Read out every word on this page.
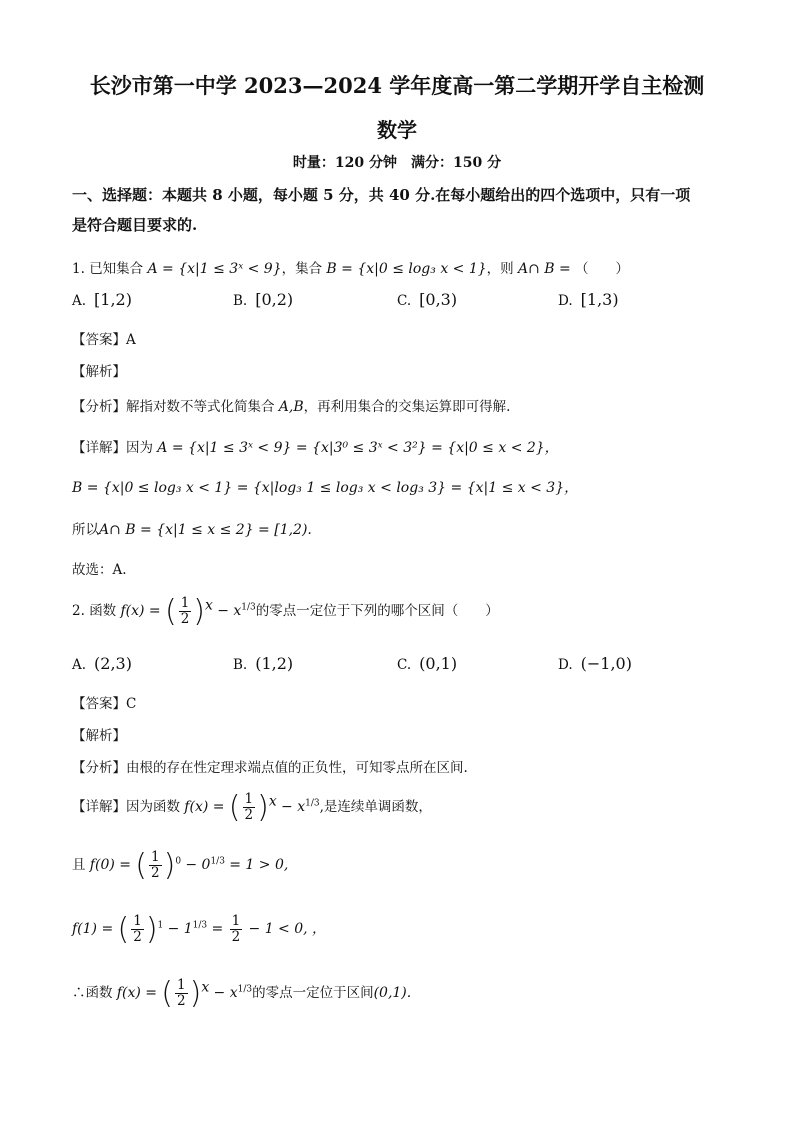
长沙市第一中学 2023—2024 学年度高一第二学期开学自主检测
数学
时量：120 分钟　满分：150 分
一、选择题：本题共 8 小题，每小题 5 分，共 40 分.在每小题给出的四个选项中，只有一项
是符合题目要求的.
1. 已知集合 A = {x|1 ≤ 3ˣ < 9}，集合 B = {x|0 ≤ log₃ x < 1}，则 A∩ B = （　　）
A. [1,2)	B. [0,2)	C. [0,3)	D. [1,3)
【答案】A
【解析】
【分析】解指对数不等式化简集合 A,B，再利用集合的交集运算即可得解.
【详解】因为 A = {x|1 ≤ 3ˣ < 9} = {x|3⁰ ≤ 3ˣ < 3²} = {x|0 ≤ x < 2}，
B = {x|0 ≤ log₃ x < 1} = {x|log₃ 1 ≤ log₃ x < log₃ 3} = {x|1 ≤ x < 3}，
所以A∩ B = {x|1 ≤ x ≤ 2} = [1,2).
故选：A.
2. 函数 f(x) = ( $\frac{1}{2} )^x - x^{1/3}$的零点一定位于下列的哪个区间（　　）
A. (2,3)	B. (1,2)	C. (0,1)	D. (−1,0)
【答案】C
【解析】
【分析】由根的存在性定理求端点值的正负性，可知零点所在区间.
【详解】因为函数 f(x) = ( $\frac{1}{2} )^x - x^{1/3}$,是连续单调函数，
且 f(0) = ( $\frac{1}{2} )^0 - 0^{1/3} = 1 > 0$,
f(1) = ( $\frac{1}{2} )^1 - 1^{1/3} = \frac{1}{2} - 1 < 0$, ，
∴函数 f(x) = ( $\frac{1}{2} )^x - x^{1/3}$的零点一定位于区间(0,1).
